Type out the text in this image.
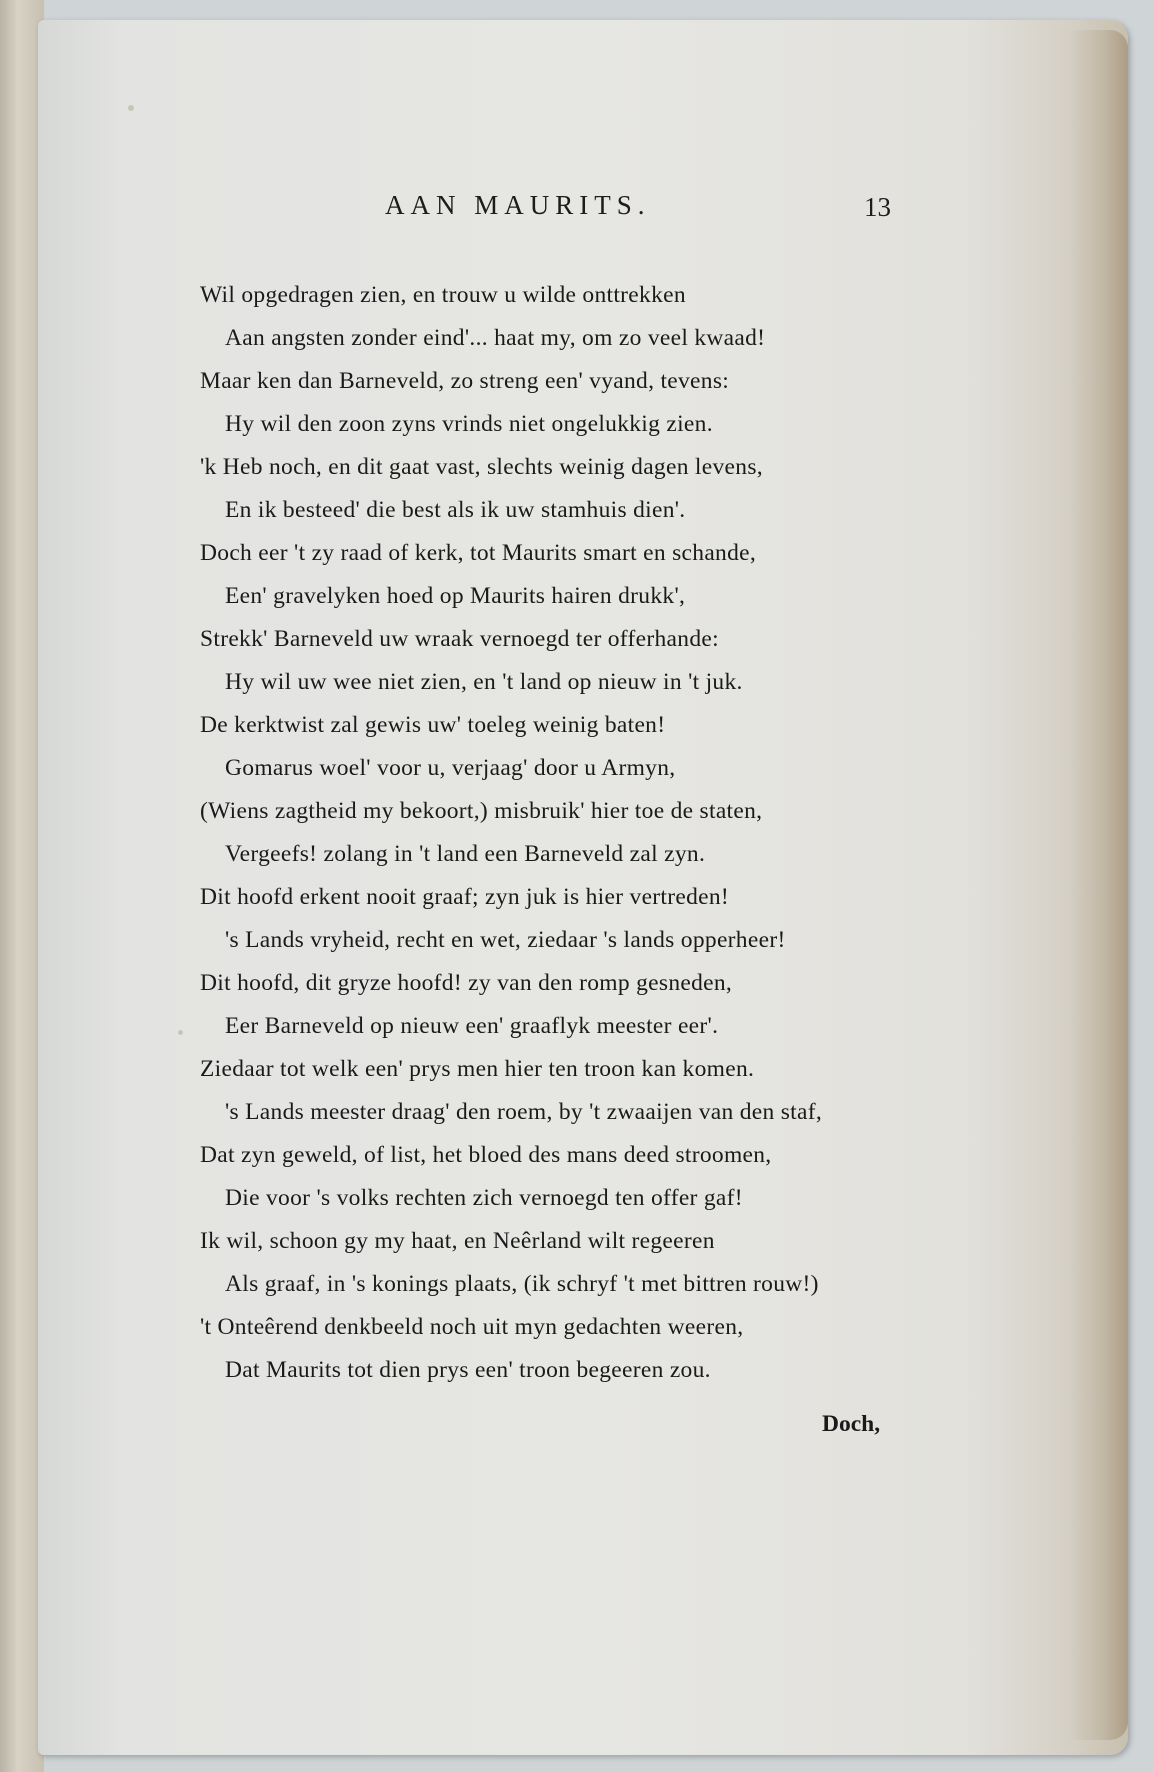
AAN MAURITS.	13
Wil opgedragen zien, en trouw u wilde onttrekken
Aan angsten zonder eind'... haat my, om zo veel kwaad!
Maar ken dan Barneveld, zo streng een' vyand, tevens:
Hy wil den zoon zyns vrinds niet ongelukkig zien.
'k Heb noch, en dit gaat vast, slechts weinig dagen levens,
En ik besteed' die best als ik uw stamhuis dien'.
Doch eer 't zy raad of kerk, tot Maurits smart en schande,
Een' gravelyken hoed op Maurits hairen drukk',
Strekk' Barneveld uw wraak vernoegd ter offerhande:
Hy wil uw wee niet zien, en 't land op nieuw in 't juk.
De kerktwist zal gewis uw' toeleg weinig baten!
Gomarus woel' voor u, verjaag' door u Armyn,
(Wiens zagtheid my bekoort,) misbruik' hier toe de staten,
Vergeefs! zolang in 't land een Barneveld zal zyn.
Dit hoofd erkent nooit graaf; zyn juk is hier vertreden!
's Lands vryheid, recht en wet, ziedaar 's lands opperheer!
Dit hoofd, dit gryze hoofd! zy van den romp gesneden,
Eer Barneveld op nieuw een' graaflyk meester eer'.
Ziedaar tot welk een' prys men hier ten troon kan komen.
's Lands meester draag' den roem, by 't zwaaijen van den staf,
Dat zyn geweld, of list, het bloed des mans deed stroomen,
Die voor 's volks rechten zich vernoegd ten offer gaf!
Ik wil, schoon gy my haat, en Neêrland wilt regeeren
Als graaf, in 's konings plaats, (ik schryf 't met bittren rouw!)
't Onteêrend denkbeeld noch uit myn gedachten weeren,
Dat Maurits tot dien prys een' troon begeeren zou.
Doch,
